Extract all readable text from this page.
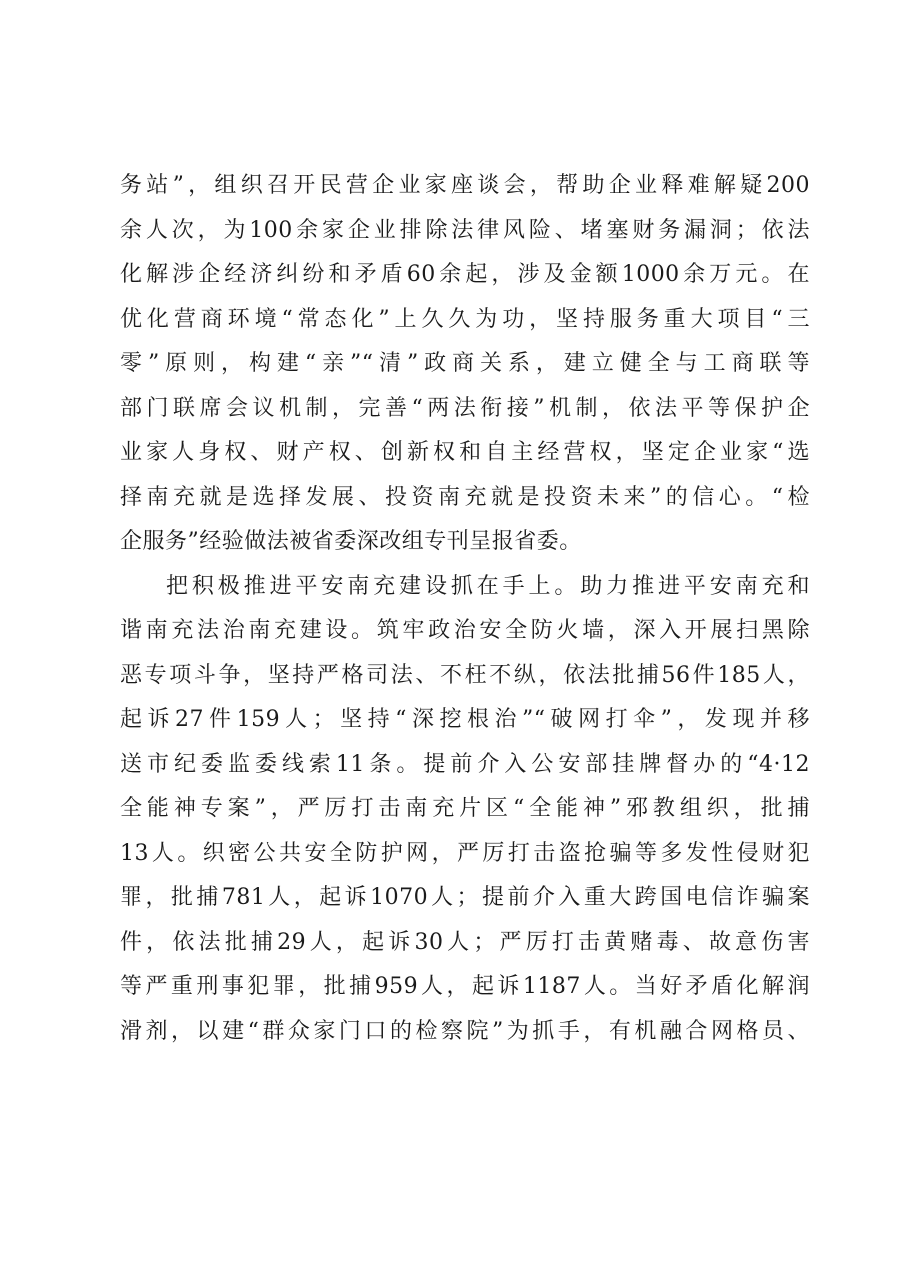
务站”，组织召开民营企业家座谈会，帮助企业释难解疑200
余人次，为100余家企业排除法律风险、堵塞财务漏洞；依法
化解涉企经济纠纷和矛盾60余起，涉及金额1000余万元。在
优化营商环境“常态化”上久久为功，坚持服务重大项目“三
零”原则，构建“亲”“清”政商关系，建立健全与工商联等
部门联席会议机制，完善“两法衔接”机制，依法平等保护企
业家人身权、财产权、创新权和自主经营权，坚定企业家“选
择南充就是选择发展、投资南充就是投资未来”的信心。“检
企服务”经验做法被省委深改组专刊呈报省委。
把积极推进平安南充建设抓在手上。助力推进平安南充和
谐南充法治南充建设。筑牢政治安全防火墙，深入开展扫黑除
恶专项斗争，坚持严格司法、不枉不纵，依法批捕56件185人，
起诉27件159人；坚持“深挖根治”“破网打伞”，发现并移
送市纪委监委线索11条。提前介入公安部挂牌督办的“4·12
全能神专案”，严厉打击南充片区“全能神”邪教组织，批捕
13人。织密公共安全防护网，严厉打击盗抢骗等多发性侵财犯
罪，批捕781人，起诉1070人；提前介入重大跨国电信诈骗案
件，依法批捕29人，起诉30人；严厉打击黄赌毒、故意伤害
等严重刑事犯罪，批捕959人，起诉1187人。当好矛盾化解润
滑剂，以建“群众家门口的检察院”为抓手，有机融合网格员、
